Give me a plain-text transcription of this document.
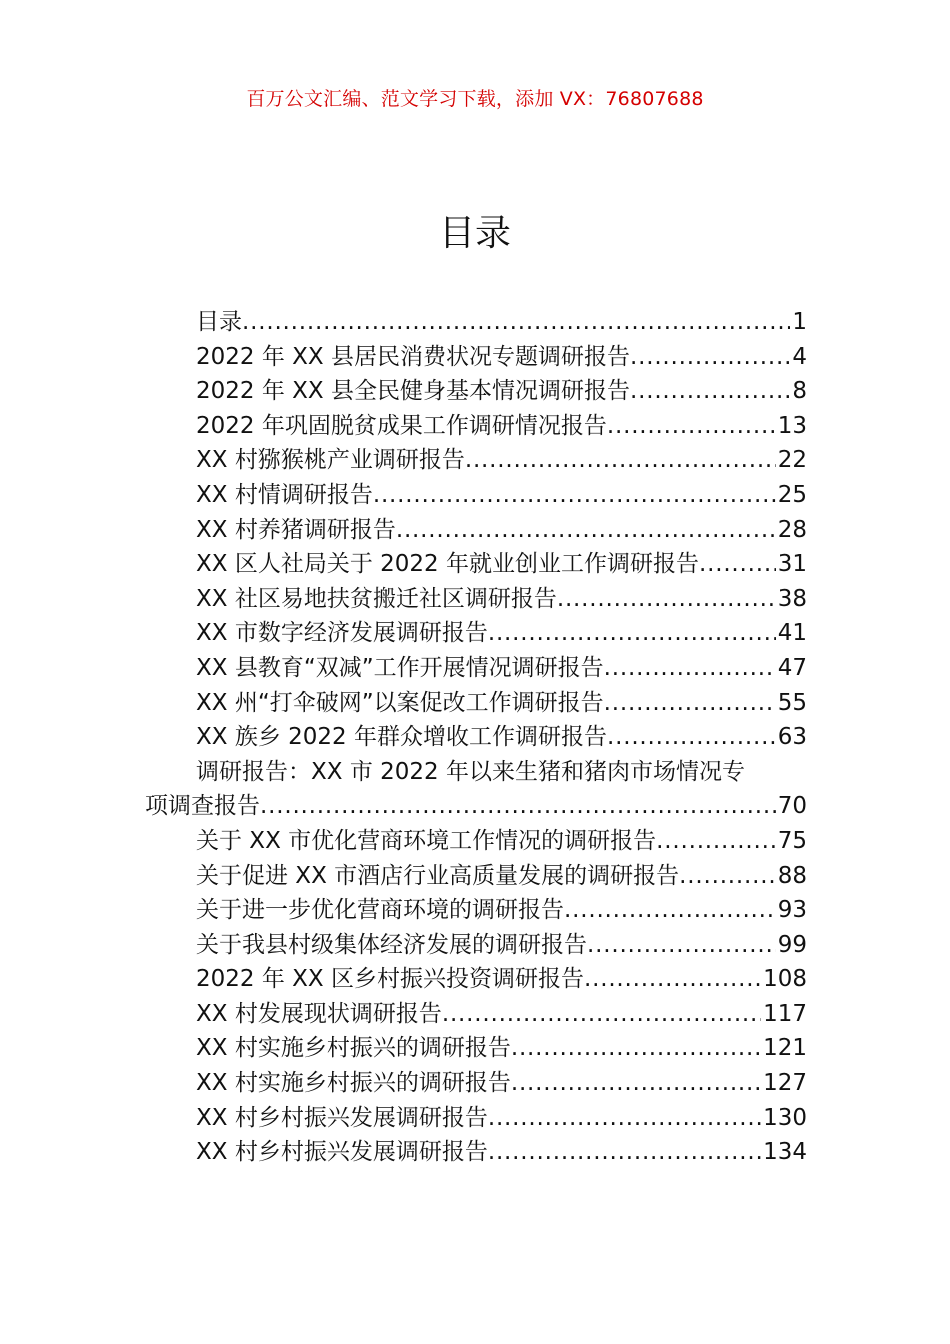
百万公文汇编、范文学习下载，添加 VX：76807688
目录
目录 .....	1
2022 年 XX 县居民消费状况专题调研报告 .....	4
2022 年 XX 县全民健身基本情况调研报告 .....	8
2022 年巩固脱贫成果工作调研情况报告 .....	13
XX 村猕猴桃产业调研报告 .....	22
XX 村情调研报告 .....	25
XX 村养猪调研报告 .....	28
XX 区人社局关于 2022 年就业创业工作调研报告 .....	31
XX 社区易地扶贫搬迁社区调研报告 .....	38
XX 市数字经济发展调研报告 .....	41
XX 县教育“双减”工作开展情况调研报告 .....	47
XX 州“打伞破网”以案促改工作调研报告 .....	55
XX 族乡 2022 年群众增收工作调研报告 .....	63
调研报告：XX 市 2022 年以来生猪和猪肉市场情况专
项调查报告 .....	70
关于 XX 市优化营商环境工作情况的调研报告 .....	75
关于促进 XX 市酒店行业高质量发展的调研报告 .....	88
关于进一步优化营商环境的调研报告 .....	93
关于我县村级集体经济发展的调研报告 .....	99
2022 年 XX 区乡村振兴投资调研报告 .....	108
XX 村发展现状调研报告 .....	117
XX 村实施乡村振兴的调研报告 .....	121
XX 村实施乡村振兴的调研报告 .....	127
XX 村乡村振兴发展调研报告 .....	130
XX 村乡村振兴发展调研报告 .....	134
